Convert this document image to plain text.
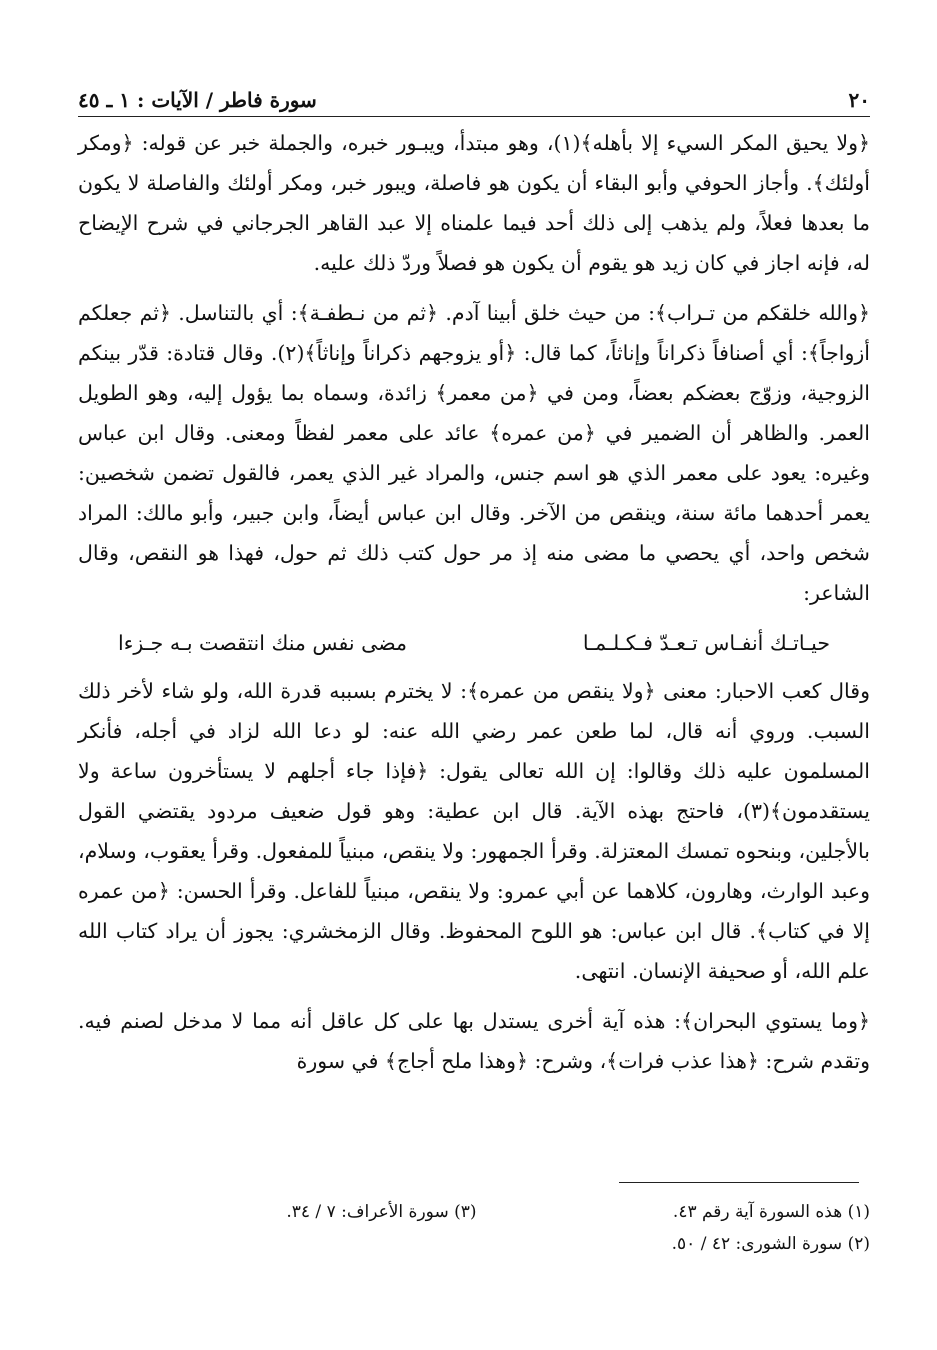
٢٠
سورة فاطر / الآيات : ١ ـ ٤٥

﴿ولا يحيق المكر السيء إلا بأهله﴾(١)، وهو مبتدأ، ويبـور خبره، والجملة خبر عن قوله: ﴿ومكر أولئك﴾. وأجاز الحوفي وأبو البقاء أن يكون هو فاصلة، ويبور خبر، ومكر أولئك والفاصلة لا يكون ما بعدها فعلاً، ولم يذهب إلى ذلك أحد فيما علمناه إلا عبد القاهر الجرجاني في شرح الإيضاح له، فإنه اجاز في كان زيد هو يقوم أن يكون هو فصلاً وردّ ذلك عليه.

﴿والله خلقكم من تـراب﴾: من حيث خلق أبينا آدم. ﴿ثم من نـطفـة﴾: أي بالتناسل. ﴿ثم جعلكم أزواجاً﴾: أي أصنافاً ذكراناً وإناثاً، كما قال: ﴿أو يزوجهم ذكراناً وإناثاً﴾(٢). وقال قتادة: قدّر بينكم الزوجية، وزوّج بعضكم بعضاً، ومن في ﴿من معمر﴾ زائدة، وسماه بما يؤول إليه، وهو الطويل العمر. والظاهر أن الضمير في ﴿من عمره﴾ عائد على معمر لفظاً ومعنى. وقال ابن عباس وغيره: يعود على معمر الذي هو اسم جنس، والمراد غير الذي يعمر، فالقول تضمن شخصين: يعمر أحدهما مائة سنة، وينقص من الآخر. وقال ابن عباس أيضاً، وابن جبير، وأبو مالك: المراد شخص واحد، أي يحصي ما مضى منه إذ مر حول كتب ذلك ثم حول، فهذا هو النقص، وقال الشاعر:

حيـاتـك أنفـاس تـعـدّ فـكـلـمـا
مضى نفس منك انتقصت بـه جـزءا

وقال كعب الاحبار: معنى ﴿ولا ينقص من عمره﴾: لا يخترم بسببه قدرة الله، ولو شاء لأخر ذلك السبب. وروي أنه قال، لما طعن عمر رضي الله عنه: لو دعا الله لزاد في أجله، فأنكر المسلمون عليه ذلك وقالوا: إن الله تعالى يقول: ﴿فإذا جاء أجلهم لا يستأخرون ساعة ولا يستقدمون﴾(٣)، فاحتج بهذه الآية. قال ابن عطية: وهو قول ضعيف مردود يقتضي القول بالأجلين، وبنحوه تمسك المعتزلة. وقرأ الجمهور: ولا ينقص، مبنياً للمفعول. وقرأ يعقوب، وسلام، وعبد الوارث، وهارون، كلاهما عن أبي عمرو: ولا ينقص، مبنياً للفاعل. وقرأ الحسن: ﴿من عمره إلا في كتاب﴾. قال ابن عباس: هو اللوح المحفوظ. وقال الزمخشري: يجوز أن يراد كتاب الله علم الله، أو صحيفة الإنسان. انتهى.

﴿وما يستوي البحران﴾: هذه آية أخرى يستدل بها على كل عاقل أنه مما لا مدخل لصنم فيه. وتقدم شرح: ﴿هذا عذب فرات﴾، وشرح: ﴿وهذا ملح أجاج﴾ في سورة

(١) هذه السورة آية رقم ٤٣.
(٢) سورة الشورى: ٤٢ / ٥٠.

(٣) سورة الأعراف: ٧ / ٣٤.
